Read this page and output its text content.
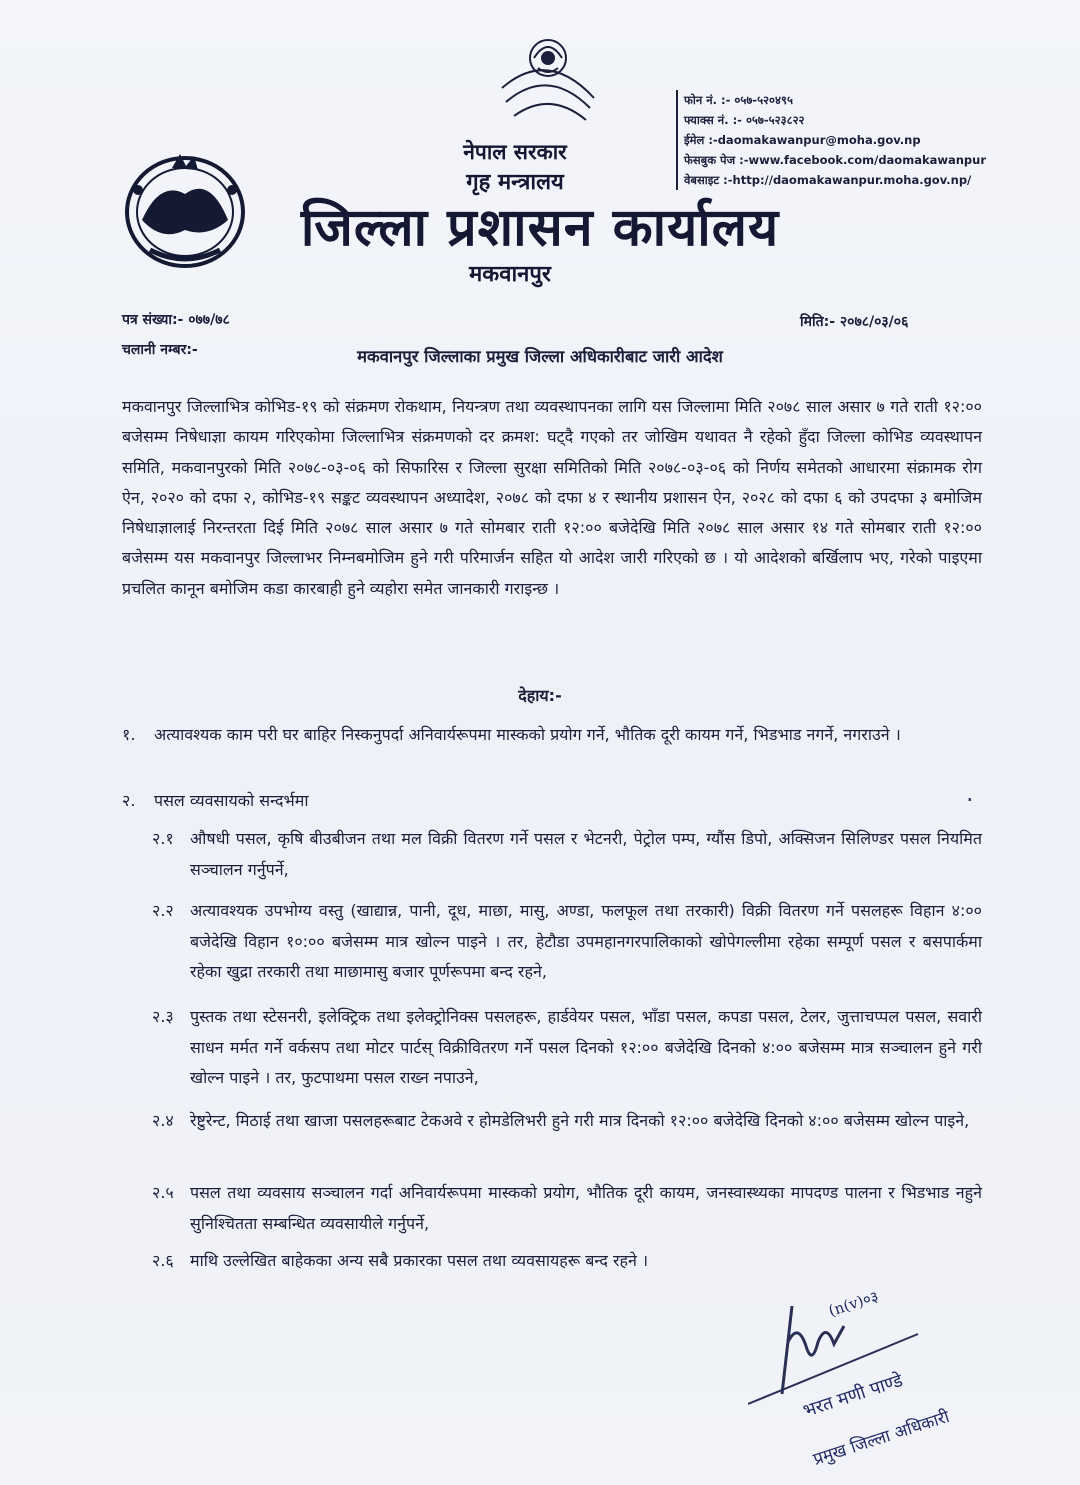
नेपाल सरकार
गृह मन्त्रालय
जिल्ला प्रशासन कार्यालय
मकवानपुर
फोन नं. :- ०५७-५२०४९५
फ्याक्स नं. :- ०५७-५२३८२२
ईमेल :-daomakawanpur@moha.gov.np
फेसबुक पेज :-www.facebook.com/daomakawanpur
वेबसाइट :-http://daomakawanpur.moha.gov.np/
पत्र संख्या:- ०७७/७८
चलानी नम्बर:-
मिति:- २०७८/०३/०६
मकवानपुर जिल्लाका प्रमुख जिल्ला अधिकारीबाट जारी आदेश
मकवानपुर जिल्लाभित्र कोभिड-१९ को संक्रमण रोकथाम, नियन्त्रण तथा व्यवस्थापनका लागि यस जिल्लामा मिति २०७८ साल असार ७ गते राती १२:०० बजेसम्म निषेधाज्ञा कायम गरिएकोमा जिल्लाभित्र संक्रमणको दर क्रमश: घट्दै गएको तर जोखिम यथावत नै रहेको हुँदा जिल्ला कोभिड व्यवस्थापन समिति, मकवानपुरको मिति २०७८-०३-०६ को सिफारिस र जिल्ला सुरक्षा समितिको मिति २०७८-०३-०६ को निर्णय समेतको आधारमा संक्रामक रोग ऐन, २०२० को दफा २, कोभिड-१९ सङ्कट व्यवस्थापन अध्यादेश, २०७८ को दफा ४ र स्थानीय प्रशासन ऐन, २०२८ को दफा ६ को उपदफा ३ बमोजिम निषेधाज्ञालाई निरन्तरता दिई मिति २०७८ साल असार ७ गते सोमबार राती १२:०० बजेदेखि मिति २०७८ साल असार १४ गते सोमबार राती १२:०० बजेसम्म यस मकवानपुर जिल्लाभर निम्नबमोजिम हुने गरी परिमार्जन सहित यो आदेश जारी गरिएको छ । यो आदेशको बर्खिलाप भए, गरेको पाइएमा प्रचलित कानून बमोजिम कडा कारबाही हुने व्यहोरा समेत जानकारी गराइन्छ ।
देहाय:-
१.	अत्यावश्यक काम परी घर बाहिर निस्कनुपर्दा अनिवार्यरूपमा मास्कको प्रयोग गर्ने, भौतिक दूरी कायम गर्ने, भिडभाड नगर्ने, नगराउने ।
२.	पसल व्यवसायको सन्दर्भमा
२.१	औषधी पसल, कृषि बीउबीजन तथा मल विक्री वितरण गर्ने पसल र भेटनरी, पेट्रोल पम्प, ग्यौंस डिपो, अक्सिजन सिलिण्डर पसल नियमित सञ्चालन गर्नुपर्ने,
२.२	अत्यावश्यक उपभोग्य वस्तु (खाद्यान्न, पानी, दूध, माछा, मासु, अण्डा, फलफूल तथा तरकारी) विक्री वितरण गर्ने पसलहरू विहान ४:०० बजेदेखि विहान १०:०० बजेसम्म मात्र खोल्न पाइने । तर, हेटौडा उपमहानगरपालिकाको खोपेगल्लीमा रहेका सम्पूर्ण पसल र बसपार्कमा रहेका खुद्रा तरकारी तथा माछामासु बजार पूर्णरूपमा बन्द रहने,
२.३	पुस्तक तथा स्टेसनरी, इलेक्ट्रिक तथा इलेक्ट्रोनिक्स पसलहरू, हार्डवेयर पसल, भाँडा पसल, कपडा पसल, टेलर, जुत्ताचप्पल पसल, सवारी साधन मर्मत गर्ने वर्कसप तथा मोटर पार्टस् विक्रीवितरण गर्ने पसल दिनको १२:०० बजेदेखि दिनको ४:०० बजेसम्म मात्र सञ्चालन हुने गरी खोल्न पाइने । तर, फुटपाथमा पसल राख्न नपाउने,
२.४	रेष्टुरेन्ट, मिठाई तथा खाजा पसलहरूबाट टेकअवे र होमडेलिभरी हुने गरी मात्र दिनको १२:०० बजेदेखि दिनको ४:०० बजेसम्म खोल्न पाइने,
२.५	पसल तथा व्यवसाय सञ्चालन गर्दा अनिवार्यरूपमा मास्कको प्रयोग, भौतिक दूरी कायम, जनस्वास्थ्यका मापदण्ड पालना र भिडभाड नहुने सुनिश्चितता सम्बन्धित व्यवसायीले गर्नुपर्ने,
२.६	माथि उल्लेखित बाहेकका अन्य सबै प्रकारका पसल तथा व्यवसायहरू बन्द रहने ।
·
(n(v)०३
भरत मणी पाण्डे
प्रमुख जिल्ला अधिकारी
